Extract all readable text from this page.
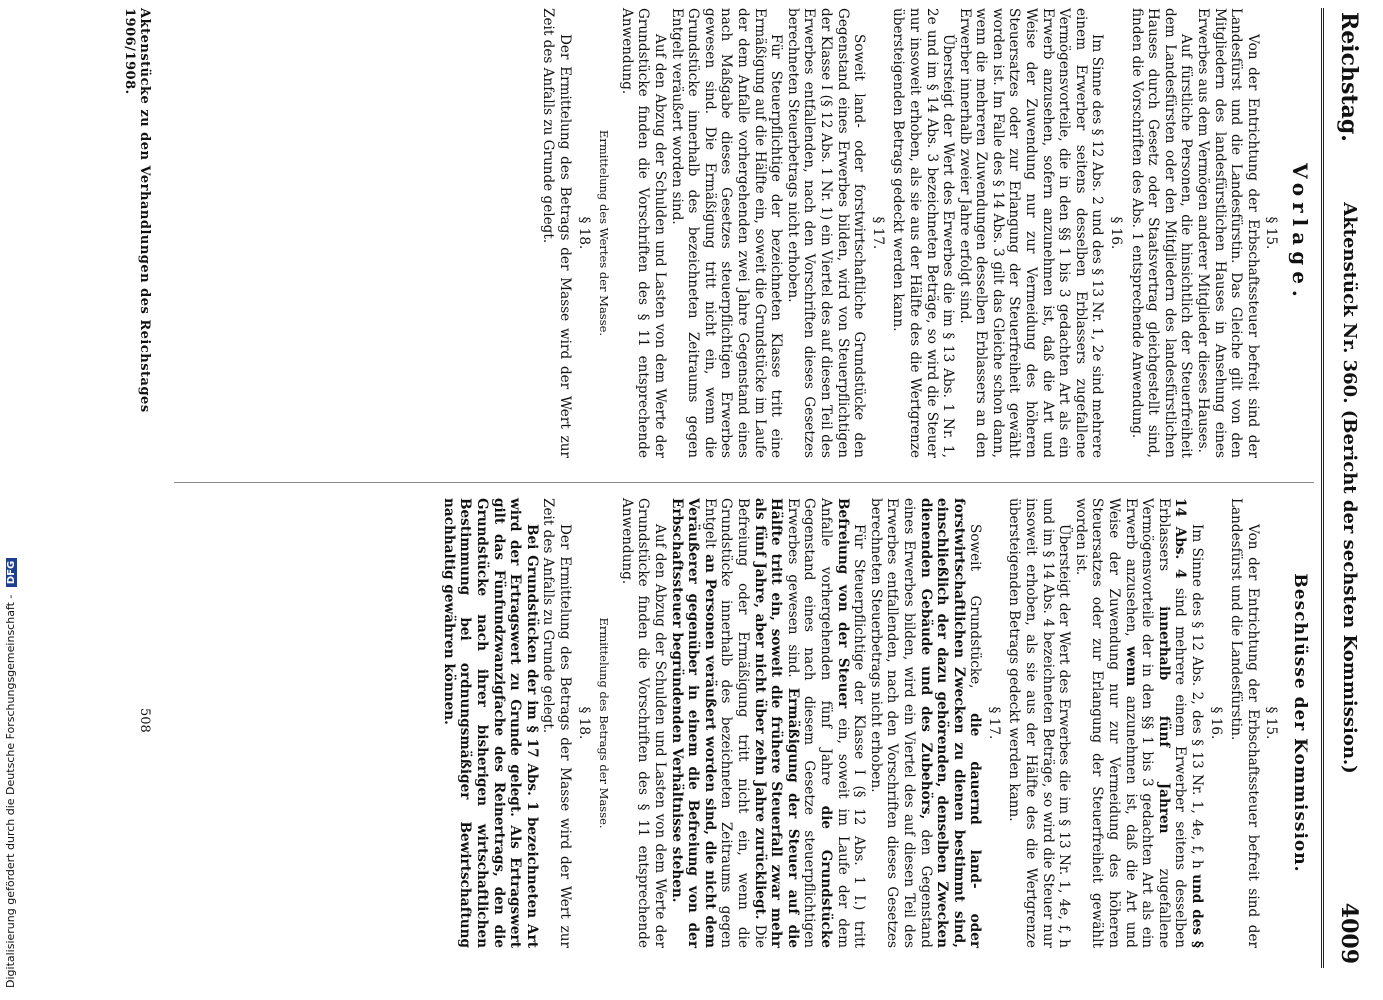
Digitalisierung gefördert durch die Deutsche Forschungsgemeinschaft - DFG
Reichstag.
Aktenstück Nr. 360. (Bericht der sechsten Kommission.)
4009
Vorlage.
§ 15.

Von der Entrichtung der Erbschaftssteuer befreit sind der Landesfürst und die Landesfürstin. Das Gleiche gilt von den Mitgliedern des landesfürstlichen Hauses in Ansehung eines Erwerbes aus dem Vermögen anderer Mitglieder dieses Hauses.

Auf fürstliche Personen, die hinsichtlich der Steuerfreiheit dem Landesfürsten oder den Mitgliedern des landesfürstlichen Hauses durch Gesetz oder Staatsvertrag gleichgestellt sind, finden die Vorschriften des Abs. 1 entsprechende Anwendung.

§ 16.

Im Sinne des § 12 Abs. 2 und des § 13 Nr. 1, 2e sind mehrere einem Erwerber seitens desselben Erblassers zugefallene Vermögensvorteile, die in den §§ 1 bis 3 gedachten Art als ein Erwerb anzusehen, sofern anzunehmen ist, daß die Art und Weise der Zuwendung nur zur Vermeidung des höheren Steuersatzes oder zur Erlangung der Steuerfreiheit gewählt worden ist. Im Falle des § 14 Abs. 3 gilt das Gleiche schon dann, wenn die mehreren Zuwendungen desselben Erblassers an den Erwerber innerhalb zweier Jahre erfolgt sind.

Übersteigt der Wert des Erwerbes die im § 13 Abs. 1 Nr. 1, 2e und im § 14 Abs. 3 bezeichneten Beträge, so wird die Steuer nur insoweit erhoben, als sie aus der Hälfte des die Wertgrenze übersteigenden Betrags gedeckt werden kann.

§ 17.

Soweit land- oder forstwirtschaftliche Grundstücke den Gegenstand eines Erwerbes bilden, wird von Steuerpflichtigen der Klasse I (§ 12 Abs. 1 Nr. 1) ein Viertel des auf diesen Teil des Erwerbes entfallenden, nach den Vorschriften dieses Gesetzes berechneten Steuerbetrags nicht erhoben.

Für Steuerpflichtige der bezeichneten Klasse tritt eine Ermäßigung auf die Hälfte ein, soweit die Grundstücke im Laufe der dem Anfalle vorhergehenden zwei Jahre Gegenstand eines nach Maßgabe dieses Gesetzes steuerpflichtigen Erwerbes gewesen sind. Die Ermäßigung tritt nicht ein, wenn die Grundstücke innerhalb des bezeichneten Zeitraums gegen Entgelt veräußert worden sind.

Auf den Abzug der Schulden und Lasten von dem Werte der Grundstücke finden die Vorschriften des § 11 entsprechende Anwendung.

Ermittelung des Wertes der Masse.
§ 18.

Der Ermittelung des Betrags der Masse wird der Wert zur Zeit des Anfalls zu Grunde gelegt.

Beschlüsse der Kommission.
§ 15.

Von der Entrichtung der Erbschaftssteuer befreit sind der Landesfürst und die Landesfürstin.

§ 16.

Im Sinne des § 12 Abs. 2, des § 13 Nr. 1, 4e, f, h und des § 14 Abs. 4 sind mehrere einem Erwerber seitens desselben Erblassers innerhalb fünf Jahren zugefallene Vermögensvorteile der in den §§ 1 bis 3 gedachten Art als ein Erwerb anzusehen, wenn anzunehmen ist, daß die Art und Weise der Zuwendung nur zur Vermeidung des höheren Steuersatzes oder zur Erlangung der Steuerfreiheit gewählt worden ist.

Übersteigt der Wert des Erwerbes die im § 13 Nr. 1, 4e, f, h und im § 14 Abs. 4 bezeichneten Beträge, so wird die Steuer nur insoweit erhoben, als sie aus der Hälfte des die Wertgrenze übersteigenden Betrags gedeckt werden kann.

§ 17.

Soweit Grundstücke, die dauernd land- oder forstwirtschaftlichen Zwecken zu dienen bestimmt sind, einschließlich der dazu gehörenden, denselben Zwecken dienenden Gebäude und des Zubehörs, den Gegenstand eines Erwerbes bilden, wird ein Viertel des auf diesen Teil des Erwerbes entfallenden, nach den Vorschriften dieses Gesetzes berechneten Steuerbetrags nicht erhoben.

Für Steuerpflichtige der Klasse I (§ 12 Abs. 1 I.) tritt Befreiung von der Steuer ein, soweit im Laufe der dem Anfalle vorhergehenden fünf Jahre die Grundstücke Gegenstand eines nach diesem Gesetze steuerpflichtigen Erwerbes gewesen sind. Ermäßigung der Steuer auf die Hälfte tritt ein, soweit die frühere Steuerfall zwar mehr als fünf Jahre, aber nicht über zehn Jahre zurückliegt. Die Befreiung oder Ermäßigung tritt nicht ein, wenn die Grundstücke innerhalb des bezeichneten Zeitraums gegen Entgelt an Personen veräußert worden sind, die nicht dem Veräußerer gegenüber in einem die Befreiung von der Erbschaftssteuer begründenden Verhältnisse stehen.

Auf den Abzug der Schulden und Lasten von dem Werte der Grundstücke finden die Vorschriften des § 11 entsprechende Anwendung.

Ermittelung des Betrags der Masse.
§ 18.

Der Ermittelung des Betrags der Masse wird der Wert zur Zeit des Anfalls zu Grunde gelegt.

Bei Grundstücken der im § 17 Abs. 1 bezeichneten Art wird der Ertragswert zu Grunde gelegt. Als Ertragswert gilt das Fünfundzwanzigfache des Reinertrags, den die Grundstücke nach ihrer bisherigen wirtschaftlichen Bestimmung bei ordnungsmäßiger Bewirtschaftung nachhaltig gewähren können.

Aktenstücke zu den Verhandlungen des Reichstages 1906/1908.
508
